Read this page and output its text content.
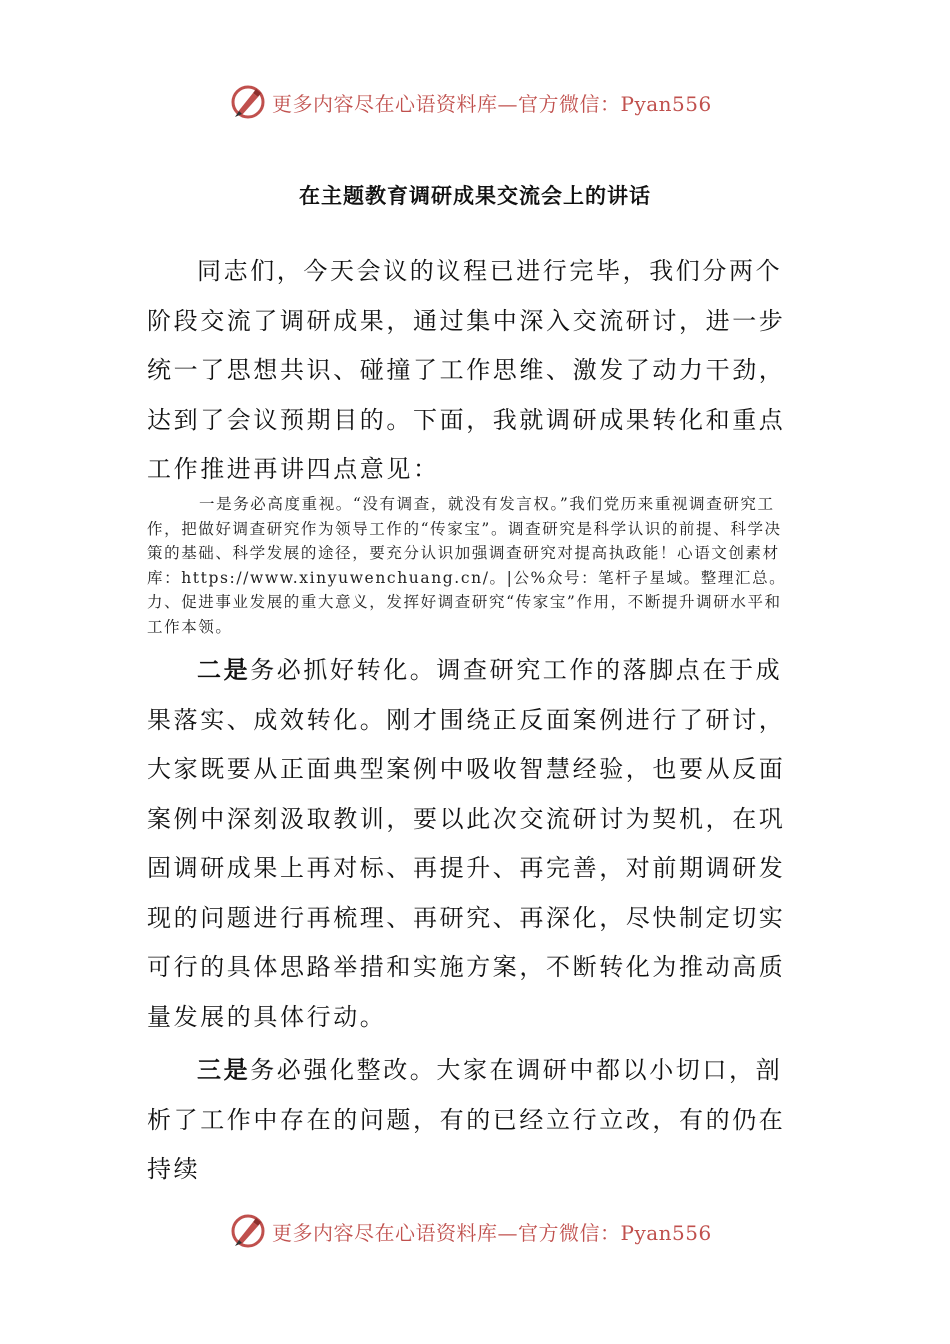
更多内容尽在心语资料库—官方微信：Pyan556
在主题教育调研成果交流会上的讲话

同志们，今天会议的议程已进行完毕，我们分两个阶段交流了调研成果，通过集中深入交流研讨，进一步统一了思想共识、碰撞了工作思维、激发了动力干劲，达到了会议预期目的。下面，我就调研成果转化和重点工作推进再讲四点意见：

一是务必高度重视。“没有调查，就没有发言权。”我们党历来重视调查研究工作，把做好调查研究作为领导工作的“传家宝”。调查研究是科学认识的前提、科学决策的基础、科学发展的途径，要充分认识加强调查研究对提高执政能！心语文创素材库：https://www.xinyuwenchuang.cn/。|公%众号：笔杆子星域。整理汇总。力、促进事业发展的重大意义，发挥好调查研究“传家宝”作用，不断提升调研水平和工作本领。

二是务必抓好转化。调查研究工作的落脚点在于成果落实、成效转化。刚才围绕正反面案例进行了研讨，大家既要从正面典型案例中吸收智慧经验，也要从反面案例中深刻汲取教训，要以此次交流研讨为契机，在巩固调研成果上再对标、再提升、再完善，对前期调研发现的问题进行再梳理、再研究、再深化，尽快制定切实可行的具体思路举措和实施方案，不断转化为推动高质量发展的具体行动。

三是务必强化整改。大家在调研中都以小切口，剖析了工作中存在的问题，有的已经立行立改，有的仍在持续

更多内容尽在心语资料库—官方微信：Pyan556
